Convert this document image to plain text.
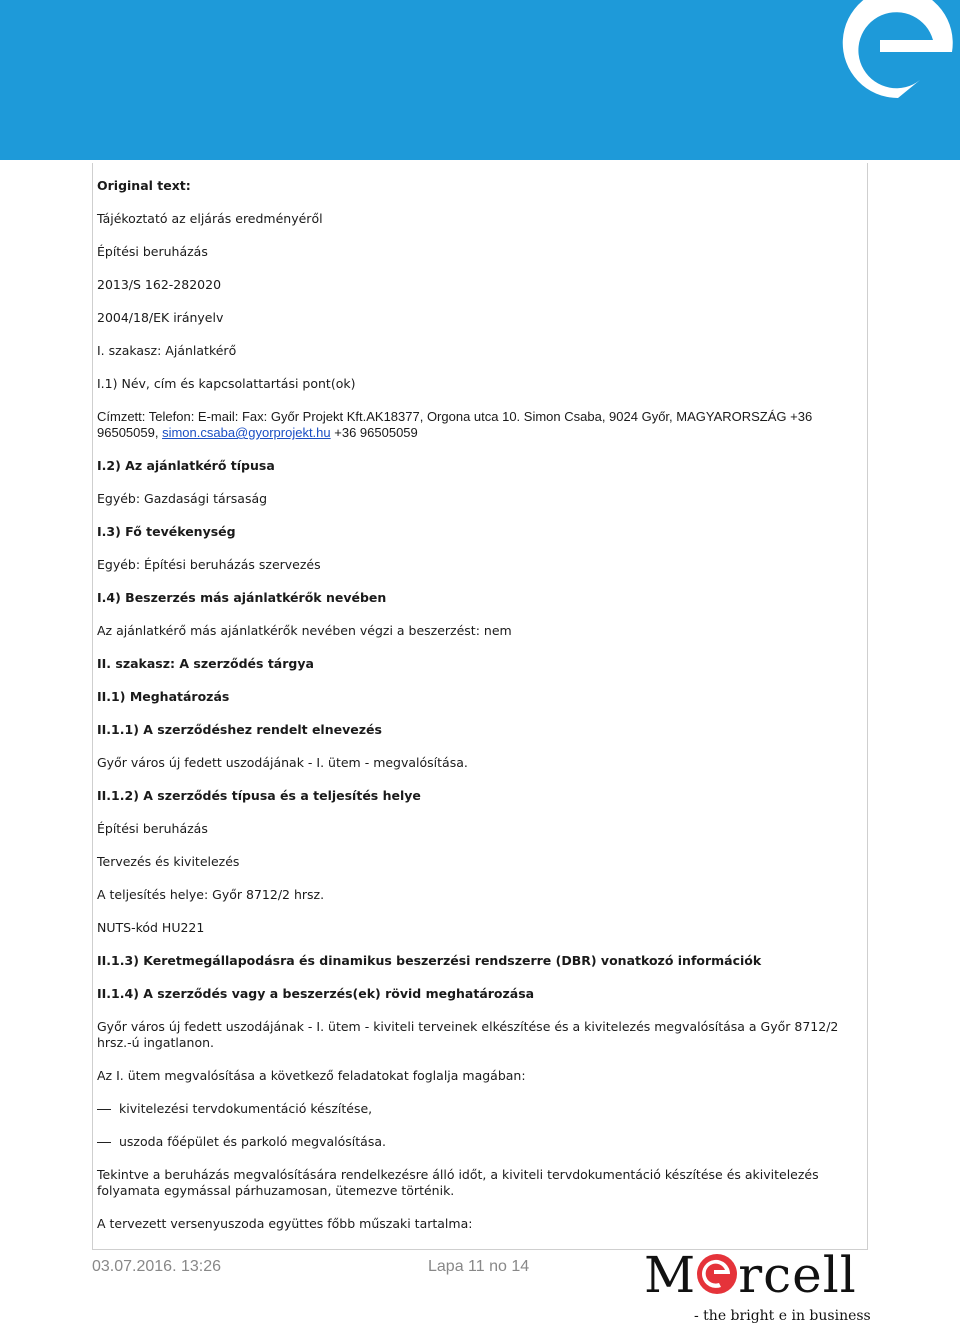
Original text:

Tájékoztató az eljárás eredményéről

Építési beruházás

2013/S 162-282020

2004/18/EK irányelv

I. szakasz: Ajánlatkérő

I.1) Név, cím és kapcsolattartási pont(ok)

Címzett: Telefon: E-mail: Fax: Győr Projekt Kft.AK18377, Orgona utca 10. Simon Csaba, 9024 Győr, MAGYARORSZÁG +36

96505059, simon.csaba@gyorprojekt.hu +36 96505059

I.2) Az ajánlatkérő típusa

Egyéb: Gazdasági társaság

I.3) Fő tevékenység

Egyéb: Építési beruházás szervezés

I.4) Beszerzés más ajánlatkérők nevében

Az ajánlatkérő más ajánlatkérők nevében végzi a beszerzést: nem

II. szakasz: A szerződés tárgya

II.1) Meghatározás

II.1.1) A szerződéshez rendelt elnevezés

Győr város új fedett uszodájának - I. ütem - megvalósítása.

II.1.2) A szerződés típusa és a teljesítés helye

Építési beruházás

Tervezés és kivitelezés

A teljesítés helye: Győr 8712/2 hrsz.

NUTS-kód HU221

II.1.3) Keretmegállapodásra és dinamikus beszerzési rendszerre (DBR) vonatkozó információk

II.1.4) A szerződés vagy a beszerzés(ek) rövid meghatározása

Győr város új fedett uszodájának - I. ütem - kiviteli terveinek elkészítése és a kivitelezés megvalósítása a Győr 8712/2 hrsz.-ú ingatlanon.

Az I. ütem megvalósítása a következő feladatokat foglalja magában:

kivitelezési tervdokumentáció készítése,

uszoda főépület és parkoló megvalósítása.

Tekintve a beruházás megvalósítására rendelkezésre álló időt, a kiviteli tervdokumentáció készítése és akivitelezés folyamata egymással párhuzamosan, ütemezve történik.

A tervezett versenyuszoda együttes főbb műszaki tartalma:

03.07.2016. 13:26	Lapa 11 no 14 M rcell
- the bright e in business
